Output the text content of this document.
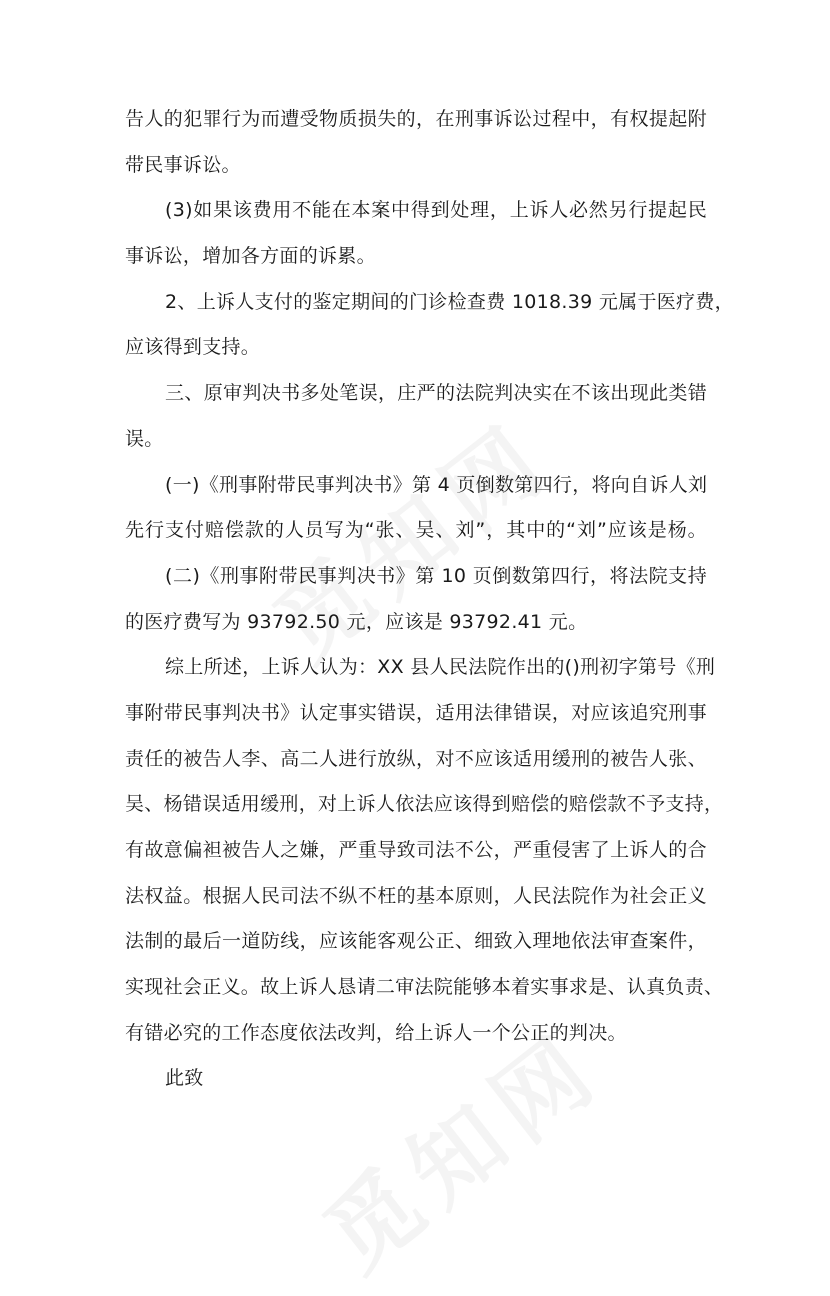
告人的犯罪行为而遭受物质损失的，在刑事诉讼过程中，有权提起附
带民事诉讼。
(3)如果该费用不能在本案中得到处理，上诉人必然另行提起民
事诉讼，增加各方面的诉累。
2、上诉人支付的鉴定期间的门诊检查费 1018.39 元属于医疗费，
应该得到支持。
三、原审判决书多处笔误，庄严的法院判决实在不该出现此类错
误。
(一)《刑事附带民事判决书》第 4 页倒数第四行，将向自诉人刘
先行支付赔偿款的人员写为“张、吴、刘”，其中的“刘”应该是杨。
(二)《刑事附带民事判决书》第 10 页倒数第四行，将法院支持
的医疗费写为 93792.50 元，应该是 93792.41 元。
综上所述，上诉人认为：XX 县人民法院作出的()刑初字第号《刑
事附带民事判决书》认定事实错误，适用法律错误，对应该追究刑事
责任的被告人李、高二人进行放纵，对不应该适用缓刑的被告人张、
吴、杨错误适用缓刑，对上诉人依法应该得到赔偿的赔偿款不予支持，
有故意偏袒被告人之嫌，严重导致司法不公，严重侵害了上诉人的合
法权益。根据人民司法不纵不枉的基本原则，人民法院作为社会正义
法制的最后一道防线，应该能客观公正、细致入理地依法审查案件，
实现社会正义。故上诉人恳请二审法院能够本着实事求是、认真负责、
有错必究的工作态度依法改判，给上诉人一个公正的判决。
此致
